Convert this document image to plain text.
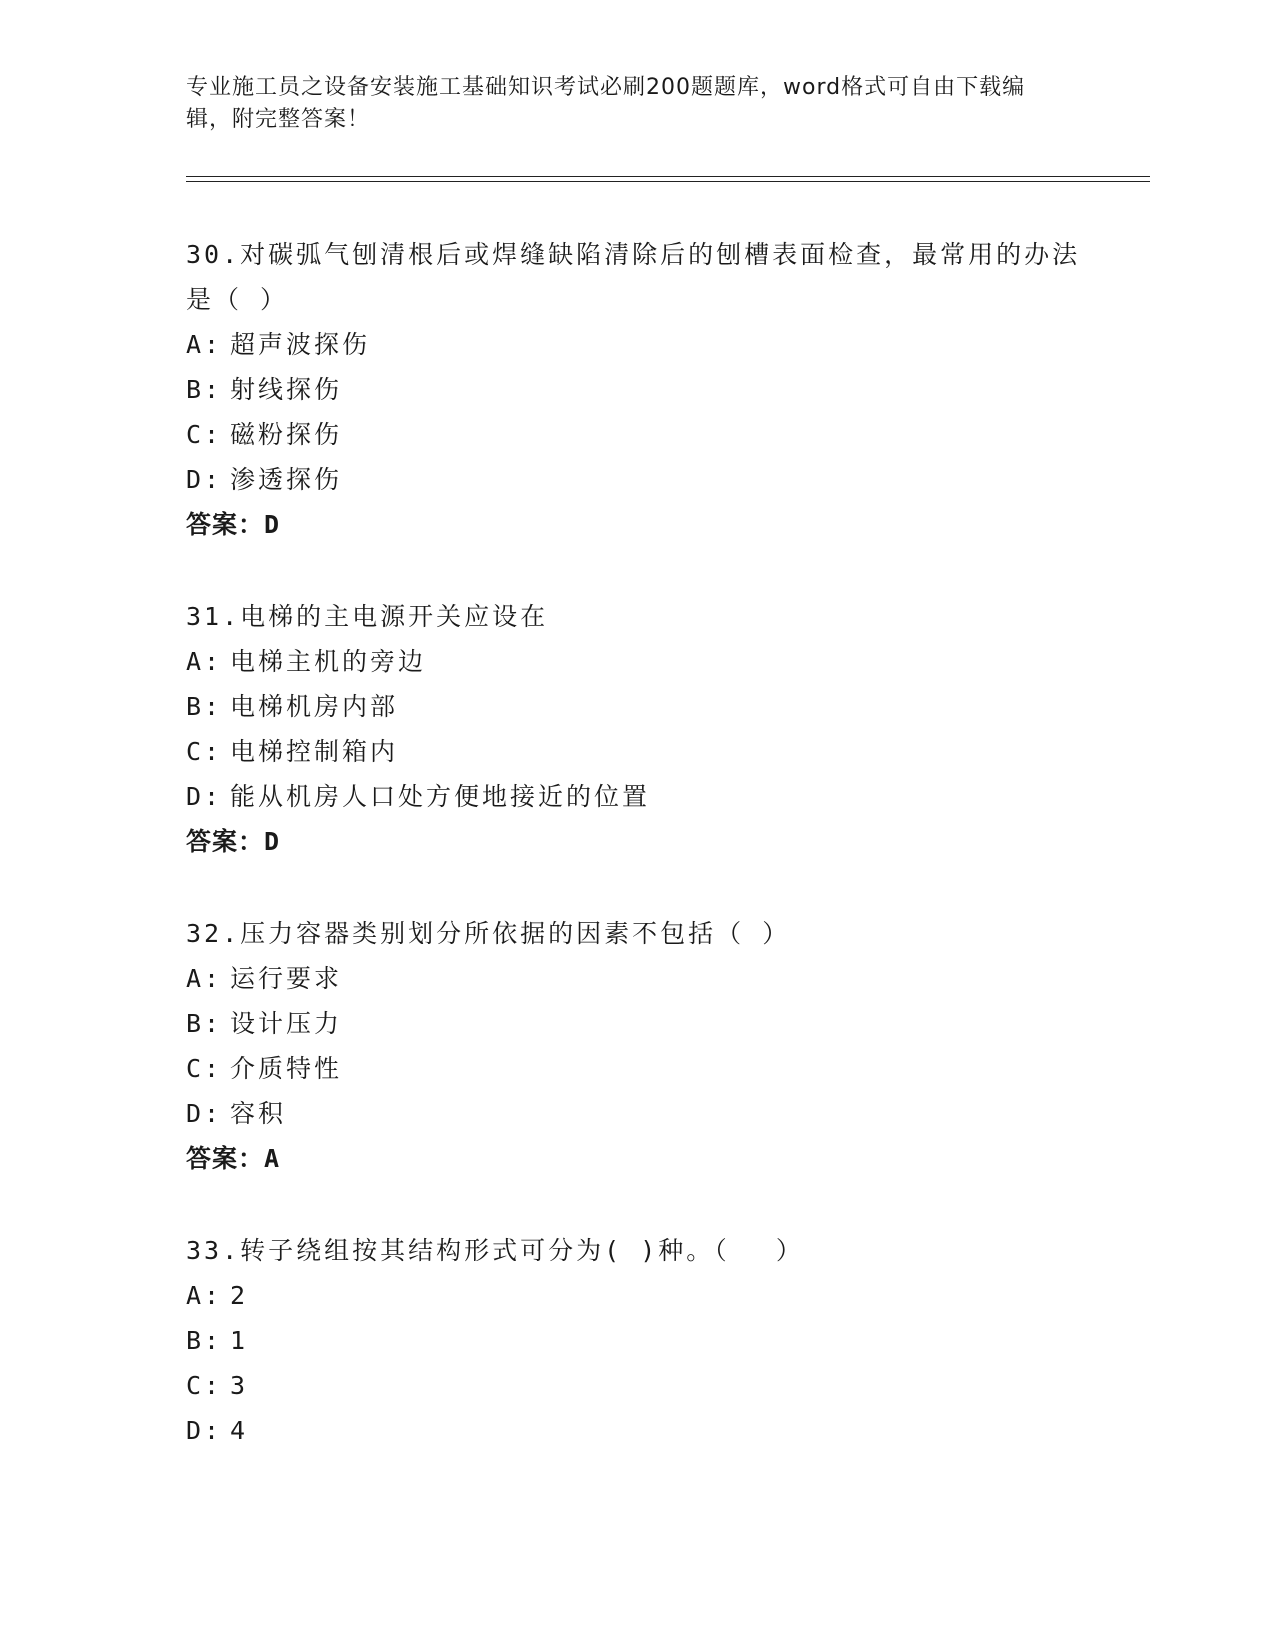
专业施工员之设备安装施工基础知识考试必刷200题题库，word格式可自由下载编辑，附完整答案！

30.对碳弧气刨清根后或焊缝缺陷清除后的刨槽表面检查，最常用的办法是（ ）

A: 超声波探伤
B: 射线探伤
C: 磁粉探伤
D: 渗透探伤
答案：D

31.电梯的主电源开关应设在

A: 电梯主机的旁边
B: 电梯机房内部
C: 电梯控制箱内
D: 能从机房人口处方便地接近的位置
答案：D

32.压力容器类别划分所依据的因素不包括（ ）

A: 运行要求
B: 设计压力
C: 介质特性
D: 容积
答案：A

33.转子绕组按其结构形式可分为( )种。（　 ）

A: 2
B: 1
C: 3
D: 4
